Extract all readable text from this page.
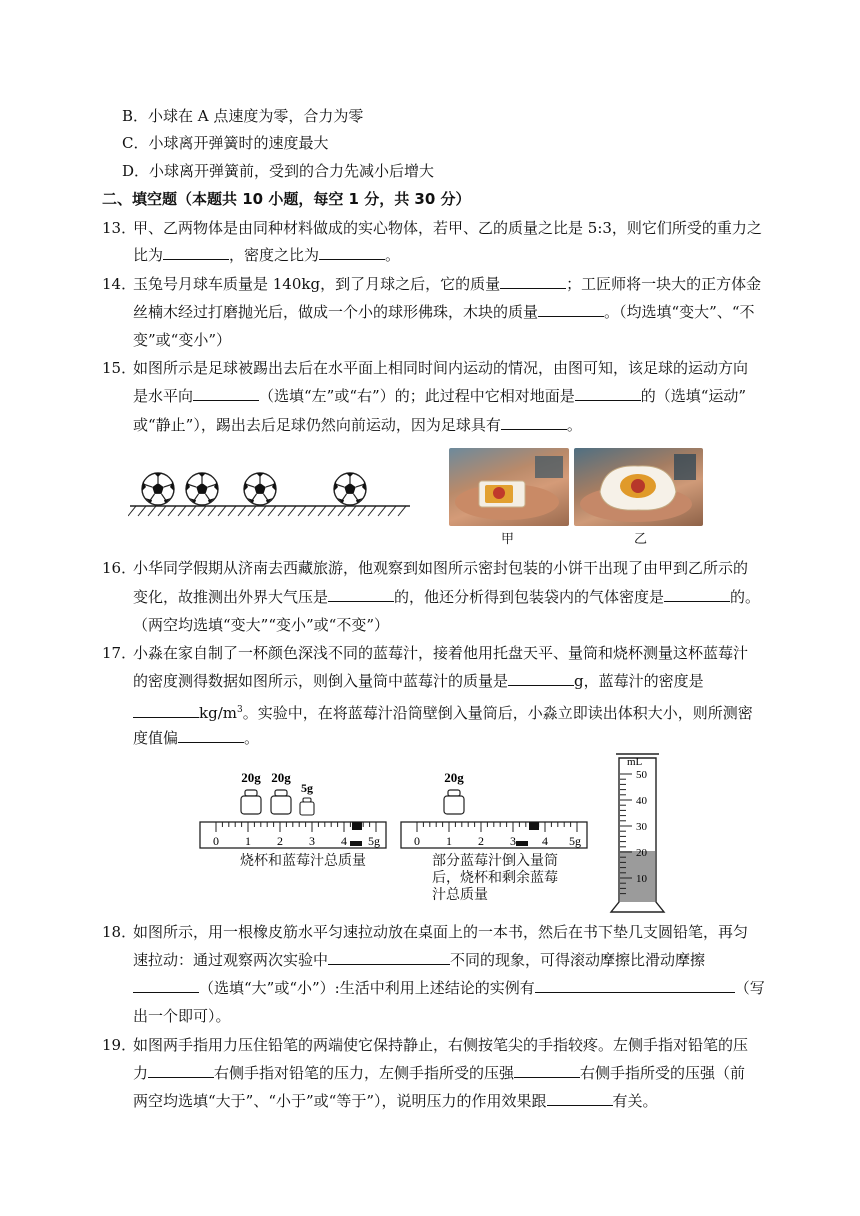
B．小球在 A 点速度为零，合力为零
C．小球离开弹簧时的速度最大
D．小球离开弹簧前，受到的合力先减小后增大
二、填空题（本题共 10 小题，每空 1 分，共 30 分）
13．
甲、乙两物体是由同种材料做成的实心物体，若甲、乙的质量之比是 5:3，则它们所受的重力之
比为	，密度之比为	。
14．
玉兔号月球车质量是 140kg，到了月球之后，它的质量	；工匠师将一块大的正方体金
丝楠木经过打磨抛光后，做成一个小的球形佛珠，木块的质量	。（均选填“变大”、“不
变”或“变小”）
15．
如图所示是足球被踢出去后在水平面上相同时间内运动的情况，由图可知，该足球的运动方向
是水平向	（选填“左”或“右”）的；此过程中它相对地面是	的（选填“运动”
或“静止”），踢出去后足球仍然向前运动，因为足球具有	。
甲	乙
16．
小华同学假期从济南去西藏旅游，他观察到如图所示密封包装的小饼干出现了由甲到乙所示的
变化，故推测出外界大气压是	的，他还分析得到包装袋内的气体密度是	的。
（两空均选填“变大”“变小”或“不变”）
17．
小淼在家自制了一杯颜色深浅不同的蓝莓汁，接着他用托盘天平、量筒和烧杯测量这杯蓝莓汁
的密度测得数据如图所示，则倒入量筒中蓝莓汁的质量是	g，蓝莓汁的密度是
$kg/m^3$。实验中，在将蓝莓汁沿筒壁倒入量筒后，小淼立即读出体积大小，则所测密
度值偏	。
20g 20g
5g
0 1 2 3 4 5g
20g
0 1 2 3 4 5g
mL
50
40
30
20
10
烧杯和蓝莓汁总质量	部分蓝莓汁倒入量筒
后，烧杯和剩余蓝莓
汁总质量
18．
如图所示，用一根橡皮筋水平匀速拉动放在桌面上的一本书，然后在书下垫几支圆铅笔，再匀
速拉动：通过观察两次实验中	不同的现象，可得滚动摩擦比滑动摩擦
（选填“大”或“小”）:生活中利用上述结论的实例有	（写
出一个即可）。
19．
如图两手指用力压住铅笔的两端使它保持静止，右侧按笔尖的手指较疼。左侧手指对铅笔的压
力	右侧手指对铅笔的压力，左侧手指所受的压强	右侧手指所受的压强（前
两空均选填“大于”、“小于”或“等于”），说明压力的作用效果跟	有关。
